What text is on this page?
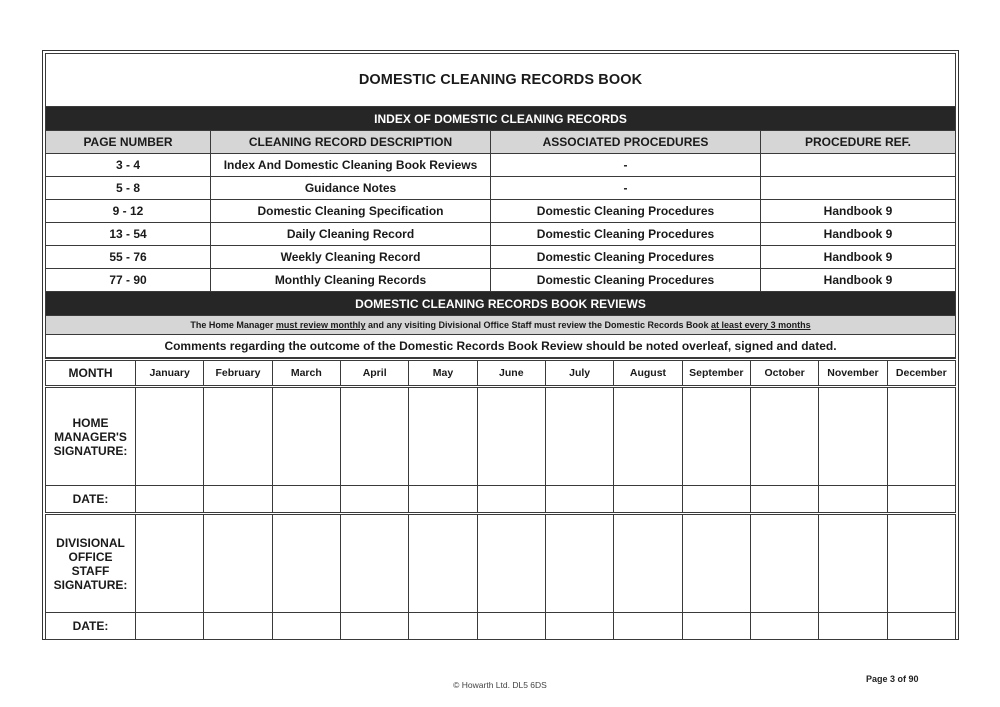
DOMESTIC CLEANING RECORDS BOOK			
INDEX OF DOMESTIC CLEANING RECORDS			
PAGE NUMBER	CLEANING RECORD DESCRIPTION	ASSOCIATED PROCEDURES	PROCEDURE REF.
3 - 4	Index And Domestic Cleaning Book Reviews	-	
5 - 8	Guidance Notes	-	
9 - 12	Domestic Cleaning Specification	Domestic Cleaning Procedures	Handbook 9
13 - 54	Daily Cleaning Record	Domestic Cleaning Procedures	Handbook 9
55 - 76	Weekly Cleaning Record	Domestic Cleaning Procedures	Handbook 9
77 - 90	Monthly Cleaning Records	Domestic Cleaning Procedures	Handbook 9
DOMESTIC CLEANING RECORDS BOOK REVIEWS			
The Home Manager must review monthly and any visiting Divisional Office Staff must review the Domestic Records Book at least every 3 months			
Comments regarding the outcome of the Domestic Records Book Review should be noted overleaf, signed and dated.			
MONTH	January	February	March	April	May	June	July	August	September	October	November	December

HOME
MANAGER'S
SIGNATURE:												

DATE:												

DIVISIONAL
OFFICE
STAFF
SIGNATURE:												

DATE:												
Page 3 of 90
© Howarth Ltd. DL5 6DS
